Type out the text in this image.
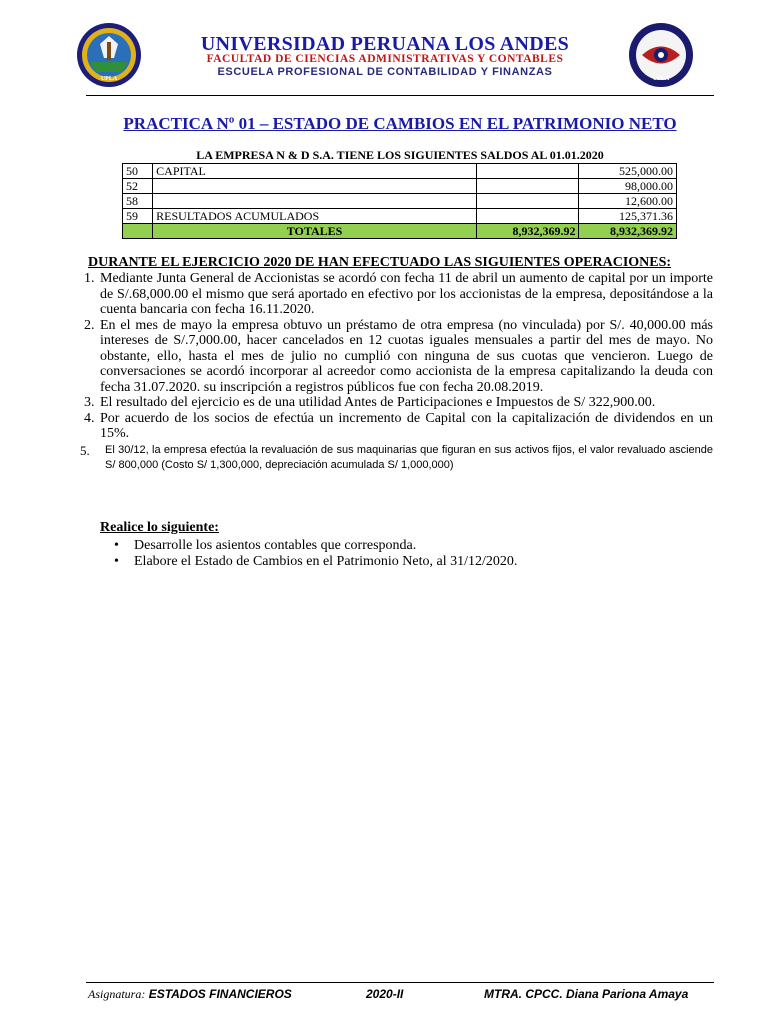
UPLA	UPLA
UNIVERSIDAD PERUANA LOS ANDES
FACULTAD DE CIENCIAS ADMINISTRATIVAS Y CONTABLES
ESCUELA PROFESIONAL DE CONTABILIDAD Y FINANZAS
PRACTICA Nº 01 – ESTADO DE CAMBIOS EN EL PATRIMONIO NETO
LA EMPRESA N & D S.A. TIENE LOS SIGUIENTES SALDOS AL 01.01.2020
50	CAPITAL		525,000.00
52			98,000.00
58			12,600.00
59	RESULTADOS ACUMULADOS		125,371.36
	TOTALES	8,932,369.92	8,932,369.92
DURANTE EL EJERCICIO 2020 DE HAN EFECTUADO LAS SIGUIENTES OPERACIONES:
1. Mediante Junta General de Accionistas se acordó con fecha 11 de abril un aumento de capital por un importe de S/.68,000.00 el mismo que será aportado en efectivo por los accionistas de la empresa, depositándose a la cuenta bancaria con fecha 16.11.2020.
2. En el mes de mayo la empresa obtuvo un préstamo de otra empresa (no vinculada) por S/. 40,000.00 más intereses de S/.7,000.00, hacer cancelados en 12 cuotas iguales mensuales a partir del mes de mayo. No obstante, ello, hasta el mes de julio no cumplió con ninguna de sus cuotas que vencieron. Luego de conversaciones se acordó incorporar al acreedor como accionista de la empresa capitalizando la deuda con fecha 31.07.2020. su inscripción a registros públicos fue con fecha 20.08.2019.
3. El resultado del ejercicio es de una utilidad Antes de Participaciones e Impuestos de S/ 322,900.00.
4. Por acuerdo de los socios de efectúa un incremento de Capital con la capitalización de dividendos en un 15%.
5. El 30/12, la empresa efectúa la revaluación de sus maquinarias que figuran en sus activos fijos, el valor revaluado asciende S/ 800,000 (Costo S/ 1,300,000, depreciación acumulada S/ 1,000,000)
Realice lo siguiente:
• Desarrolle los asientos contables que corresponda.
• Elabore el Estado de Cambios en el Patrimonio Neto, al 31/12/2020.
Asignatura: ESTADOS FINANCIEROS	2020-II	MTRA. CPCC. Diana Pariona Amaya
